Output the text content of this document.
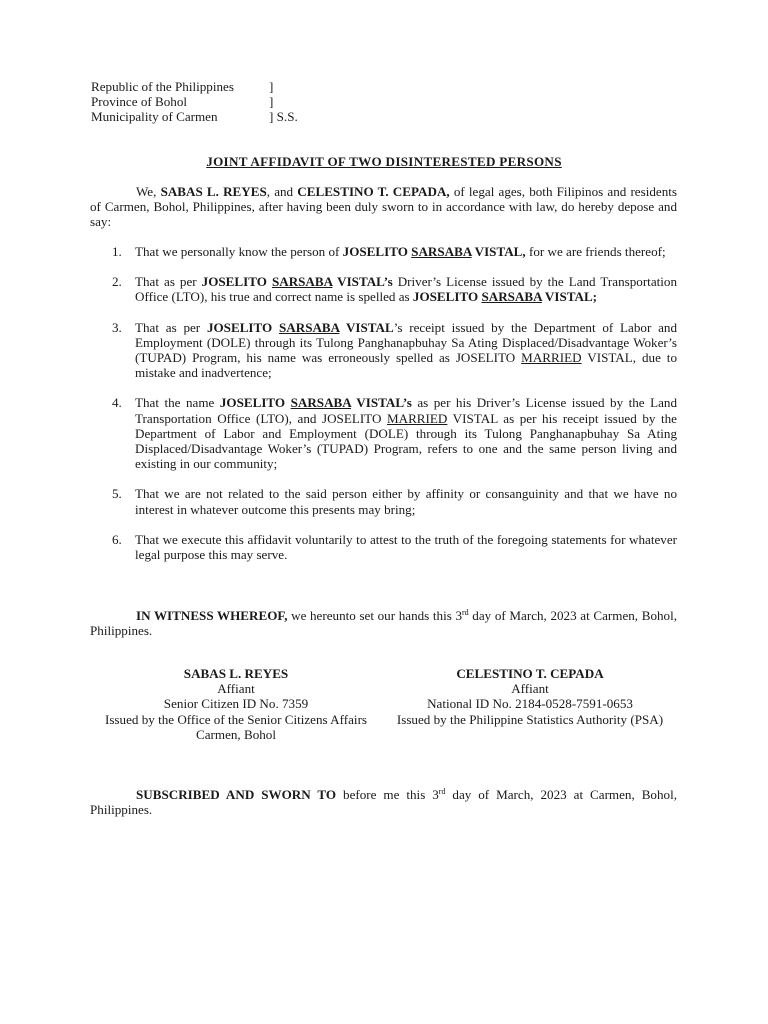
Republic of the Philippines	]
Province of Bohol	]
Municipality of Carmen	] S.S.
JOINT AFFIDAVIT OF TWO DISINTERESTED PERSONS
We, SABAS L. REYES, and CELESTINO T. CEPADA, of legal ages, both Filipinos and residents of Carmen, Bohol, Philippines, after having been duly sworn to in accordance with law, do hereby depose and say:
1. That we personally know the person of JOSELITO SARSABA VISTAL, for we are friends thereof;
2. That as per JOSELITO SARSABA VISTAL’s Driver’s License issued by the Land Transportation Office (LTO), his true and correct name is spelled as JOSELITO SARSABA VISTAL;
3. That as per JOSELITO SARSABA VISTAL’s receipt issued by the Department of Labor and Employment (DOLE) through its Tulong Panghanapbuhay Sa Ating Displaced/Disadvantage Woker’s (TUPAD) Program, his name was erroneously spelled as JOSELITO MARRIED VISTAL, due to mistake and inadvertence;
4. That the name JOSELITO SARSABA VISTAL’s as per his Driver’s License issued by the Land Transportation Office (LTO), and JOSELITO MARRIED VISTAL as per his receipt issued by the Department of Labor and Employment (DOLE) through its Tulong Panghanapbuhay Sa Ating Displaced/Disadvantage Woker’s (TUPAD) Program, refers to one and the same person living and existing in our community;
5. That we are not related to the said person either by affinity or consanguinity and that we have no interest in whatever outcome this presents may bring;
6. That we execute this affidavit voluntarily to attest to the truth of the foregoing statements for whatever legal purpose this may serve.
IN WITNESS WHEREOF, we hereunto set our hands this 3rd day of March, 2023 at Carmen, Bohol, Philippines.
SABAS L. REYES
Affiant
Senior Citizen ID No. 7359
Issued by the Office of the Senior Citizens Affairs
Carmen, Bohol
CELESTINO T. CEPADA
Affiant
National ID No. 2184-0528-7591-0653
Issued by the Philippine Statistics Authority (PSA)
SUBSCRIBED AND SWORN TO before me this 3rd day of March, 2023 at Carmen, Bohol, Philippines.
